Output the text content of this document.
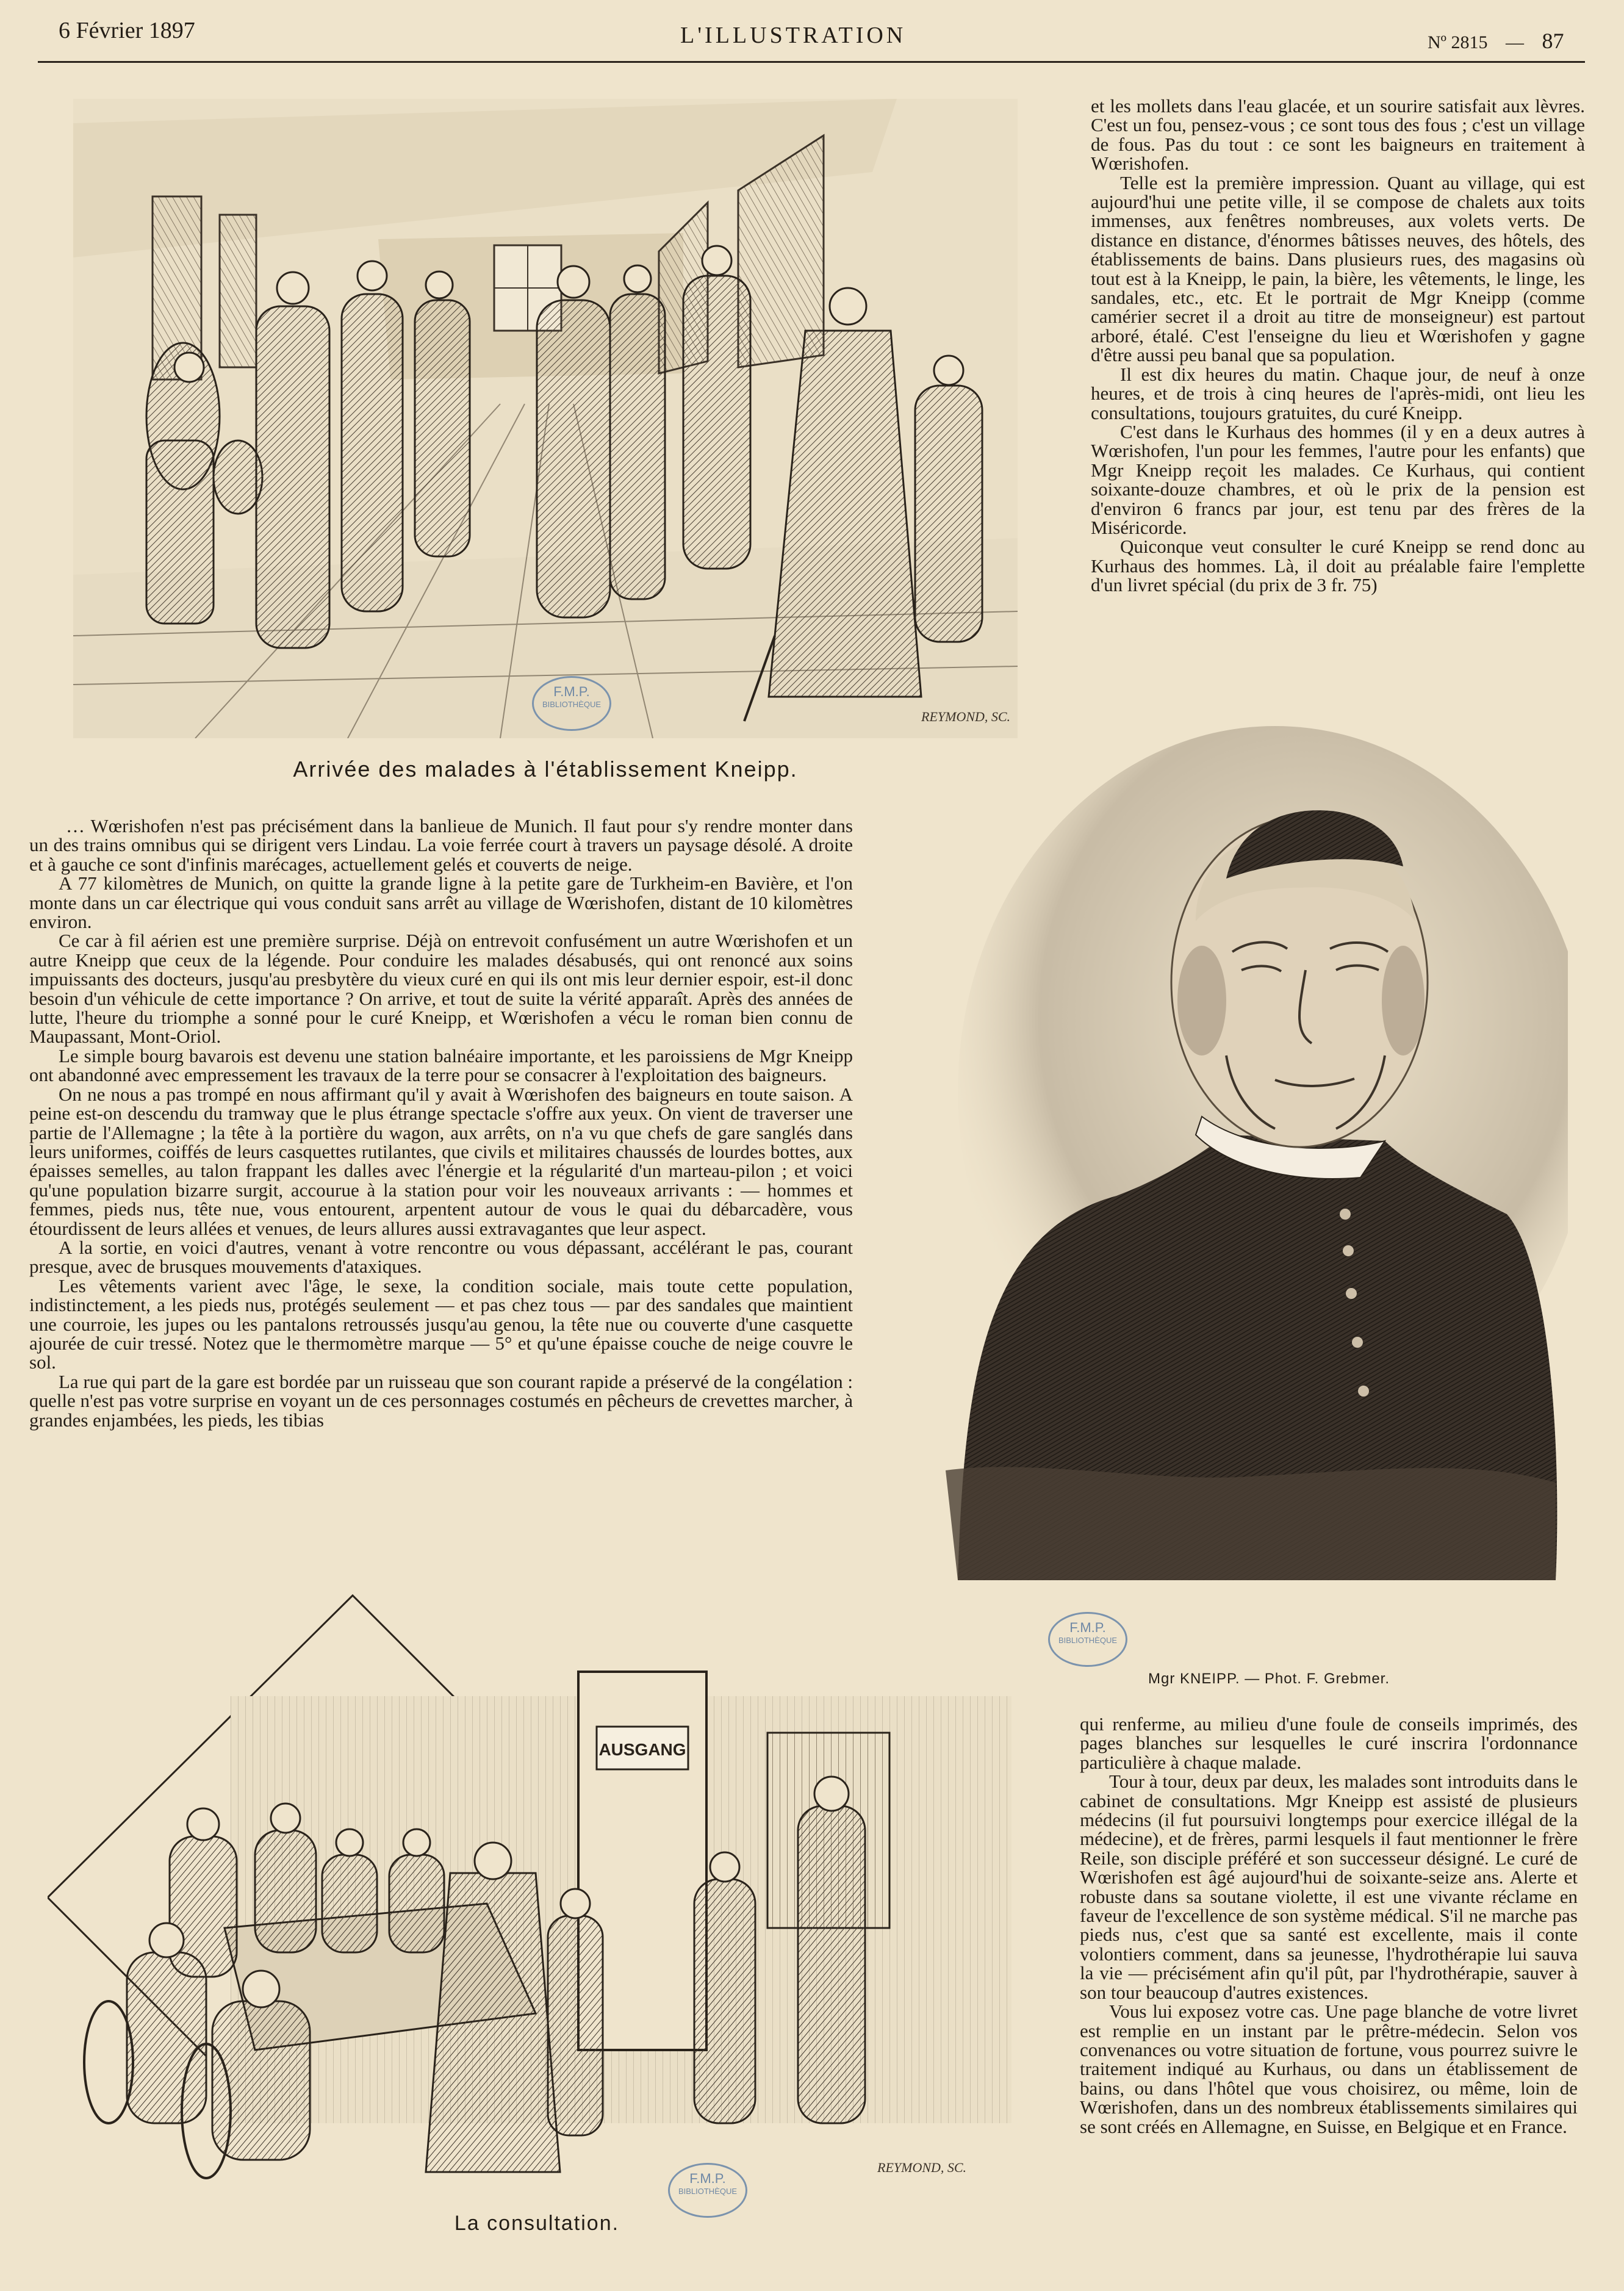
6 Février 1897	L'ILLUSTRATION	Nº 2815 — 87
REYMOND, SC.
F.M.P.
BIBLIOTHÈQUE
Arrivée des malades à l'établissement Kneipp.

… Wœrishofen n'est pas précisément dans la banlieue de Munich. Il faut pour s'y rendre monter dans un des trains omnibus qui se dirigent vers Lindau. La voie ferrée court à travers un paysage désolé. A droite et à gauche ce sont d'infinis marécages, actuellement gelés et couverts de neige.

A 77 kilomètres de Munich, on quitte la grande ligne à la petite gare de Turkheim-en Bavière, et l'on monte dans un car électrique qui vous conduit sans arrêt au village de Wœrishofen, distant de 10 kilomètres environ.

Ce car à fil aérien est une première surprise. Déjà on entrevoit confusément un autre Wœrishofen et un autre Kneipp que ceux de la légende. Pour conduire les malades désabusés, qui ont renoncé aux soins impuissants des docteurs, jusqu'au presbytère du vieux curé en qui ils ont mis leur dernier espoir, est-il donc besoin d'un véhicule de cette importance ? On arrive, et tout de suite la vérité apparaît. Après des années de lutte, l'heure du triomphe a sonné pour le curé Kneipp, et Wœrishofen a vécu le roman bien connu de Maupassant, Mont-Oriol.

Le simple bourg bavarois est devenu une station balnéaire importante, et les paroissiens de Mgr Kneipp ont abandonné avec empressement les travaux de la terre pour se consacrer à l'exploitation des baigneurs.

On ne nous a pas trompé en nous affirmant qu'il y avait à Wœrishofen des baigneurs en toute saison. A peine est-on descendu du tramway que le plus étrange spectacle s'offre aux yeux. On vient de traverser une partie de l'Allemagne ; la tête à la portière du wagon, aux arrêts, on n'a vu que chefs de gare sanglés dans leurs uniformes, coiffés de leurs casquettes rutilantes, que civils et militaires chaussés de lourdes bottes, aux épaisses semelles, au talon frappant les dalles avec l'énergie et la régularité d'un marteau-pilon ; et voici qu'une population bizarre surgit, accourue à la station pour voir les nouveaux arrivants : — hommes et femmes, pieds nus, tête nue, vous entourent, arpentent autour de vous le quai du débarcadère, vous étourdissent de leurs allées et venues, de leurs allures aussi extravagantes que leur aspect.

A la sortie, en voici d'autres, venant à votre rencontre ou vous dépassant, accélérant le pas, courant presque, avec de brusques mouvements d'ataxiques.

Les vêtements varient avec l'âge, le sexe, la condition sociale, mais toute cette population, indistinctement, a les pieds nus, protégés seulement — et pas chez tous — par des sandales que maintient une courroie, les jupes ou les pantalons retroussés jusqu'au genou, la tête nue ou couverte d'une casquette ajourée de cuir tressé. Notez que le thermomètre marque — 5° et qu'une épaisse couche de neige couvre le sol.

La rue qui part de la gare est bordée par un ruisseau que son courant rapide a préservé de la congélation : quelle n'est pas votre surprise en voyant un de ces personnages costumés en pêcheurs de crevettes marcher, à grandes enjambées, les pieds, les tibias

et les mollets dans l'eau glacée, et un sourire satisfait aux lèvres. C'est un fou, pensez-vous ; ce sont tous des fous ; c'est un village de fous. Pas du tout : ce sont les baigneurs en traitement à Wœrishofen.

Telle est la première impression. Quant au village, qui est aujourd'hui une petite ville, il se compose de chalets aux toits immenses, aux fenêtres nombreuses, aux volets verts. De distance en distance, d'énormes bâtisses neuves, des hôtels, des établissements de bains. Dans plusieurs rues, des magasins où tout est à la Kneipp, le pain, la bière, les vêtements, le linge, les sandales, etc., etc. Et le portrait de Mgr Kneipp (comme camérier secret il a droit au titre de monseigneur) est partout arboré, étalé. C'est l'enseigne du lieu et Wœrishofen y gagne d'être aussi peu banal que sa population.

Il est dix heures du matin. Chaque jour, de neuf à onze heures, et de trois à cinq heures de l'après-midi, ont lieu les consultations, toujours gratuites, du curé Kneipp.

C'est dans le Kurhaus des hommes (il y en a deux autres à Wœrishofen, l'un pour les femmes, l'autre pour les enfants) que Mgr Kneipp reçoit les malades. Ce Kurhaus, qui contient soixante-douze chambres, et où le prix de la pension est d'environ 6 francs par jour, est tenu par des frères de la Miséricorde.

Quiconque veut consulter le curé Kneipp se rend donc au Kurhaus des hommes. Là, il doit au préalable faire l'emplette d'un livret spécial (du prix de 3 fr. 75)

F.M.P.
BIBLIOTHÈQUE
Mgr KNEIPP. — Phot. F. Grebmer.

qui renferme, au milieu d'une foule de conseils imprimés, des pages blanches sur lesquelles le curé inscrira l'ordonnance particulière à chaque malade.

Tour à tour, deux par deux, les malades sont introduits dans le cabinet de consultations. Mgr Kneipp est assisté de plusieurs médecins (il fut poursuivi longtemps pour exercice illégal de la médecine), et de frères, parmi lesquels il faut mentionner le frère Reile, son disciple préféré et son successeur désigné. Le curé de Wœrishofen est âgé aujourd'hui de soixante-seize ans. Alerte et robuste dans sa soutane violette, il est une vivante réclame en faveur de l'excellence de son système médical. S'il ne marche pas pieds nus, c'est que sa santé est excellente, mais il conte volontiers comment, dans sa jeunesse, l'hydrothérapie lui sauva la vie — précisément afin qu'il pût, par l'hydrothérapie, sauver à son tour beaucoup d'autres existences.

Vous lui exposez votre cas. Une page blanche de votre livret est remplie en un instant par le prêtre-médecin. Selon vos convenances ou votre situation de fortune, vous pourrez suivre le traitement indiqué au Kurhaus, ou dans un établissement de bains, ou dans l'hôtel que vous choisirez, ou même, loin de Wœrishofen, dans un des nombreux établissements similaires qui se sont créés en Allemagne, en Suisse, en Belgique et en France.

AUSGANG
REYMOND, SC.
F.M.P.
BIBLIOTHÈQUE
La consultation.
